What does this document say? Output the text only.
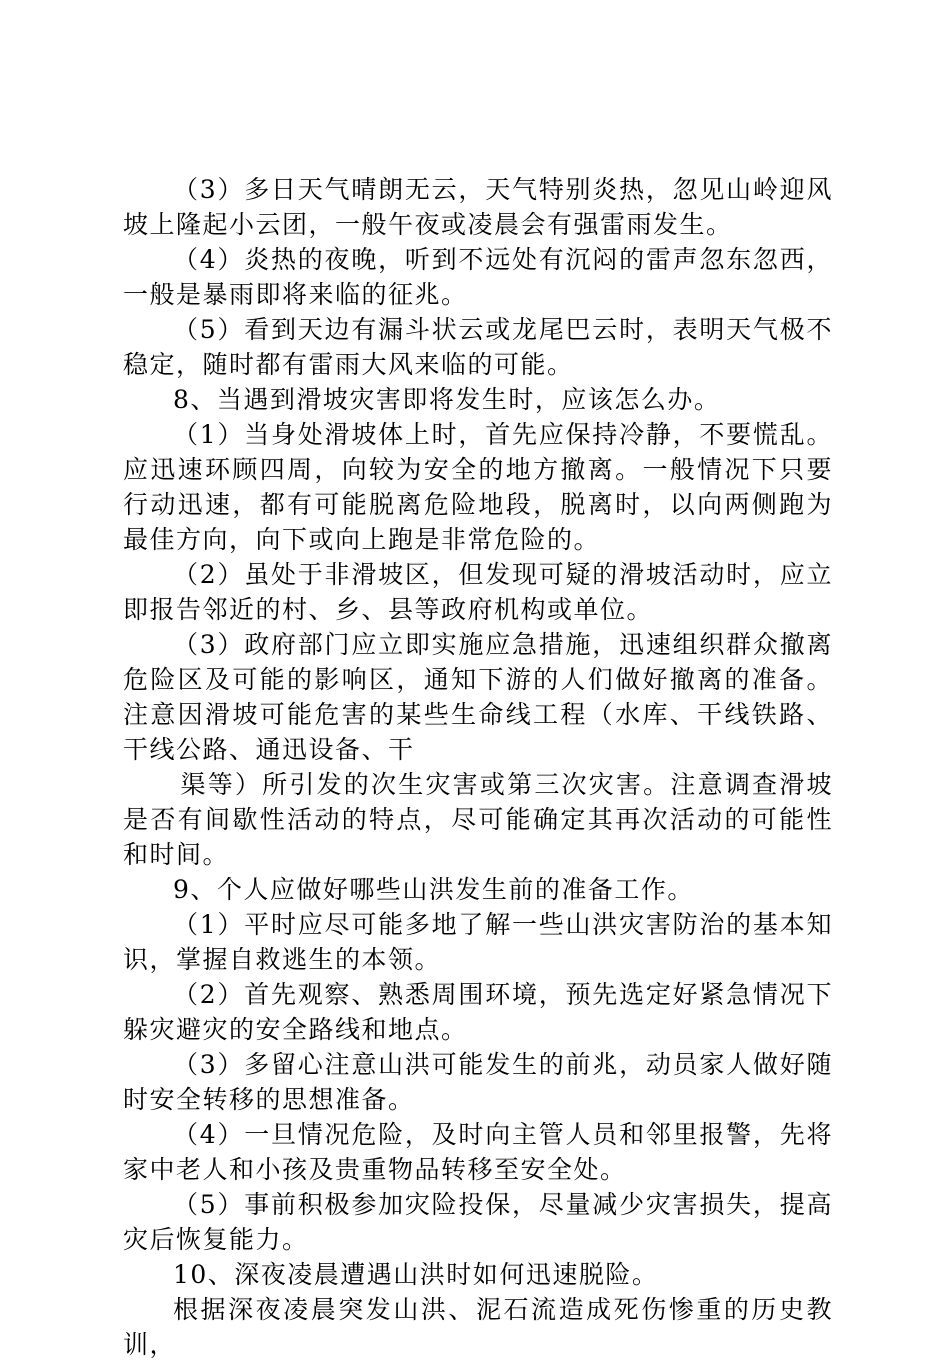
（3）多日天气晴朗无云，天气特别炎热，忽见山岭迎风坡上隆起小云团，一般午夜或凌晨会有强雷雨发生。

（4）炎热的夜晚，听到不远处有沉闷的雷声忽东忽西，一般是暴雨即将来临的征兆。

（5）看到天边有漏斗状云或龙尾巴云时，表明天气极不稳定，随时都有雷雨大风来临的可能。

8、当遇到滑坡灾害即将发生时，应该怎么办。

（1）当身处滑坡体上时，首先应保持冷静，不要慌乱。应迅速环顾四周，向较为安全的地方撤离。一般情况下只要行动迅速，都有可能脱离危险地段，脱离时，以向两侧跑为最佳方向，向下或向上跑是非常危险的。

（2）虽处于非滑坡区，但发现可疑的滑坡活动时，应立即报告邻近的村、乡、县等政府机构或单位。

（3）政府部门应立即实施应急措施，迅速组织群众撤离危险区及可能的影响区，通知下游的人们做好撤离的准备。注意因滑坡可能危害的某些生命线工程（水库、干线铁路、干线公路、通迅设备、干

渠等）所引发的次生灾害或第三次灾害。注意调查滑坡是否有间歇性活动的特点，尽可能确定其再次活动的可能性和时间。

9、个人应做好哪些山洪发生前的准备工作。

（1）平时应尽可能多地了解一些山洪灾害防治的基本知识，掌握自救逃生的本领。

（2）首先观察、熟悉周围环境，预先选定好紧急情况下躲灾避灾的安全路线和地点。

（3）多留心注意山洪可能发生的前兆，动员家人做好随时安全转移的思想准备。

（4）一旦情况危险，及时向主管人员和邻里报警，先将家中老人和小孩及贵重物品转移至安全处。

（5）事前积极参加灾险投保，尽量减少灾害损失，提高灾后恢复能力。

10、深夜凌晨遭遇山洪时如何迅速脱险。

根据深夜凌晨突发山洪、泥石流造成死伤惨重的历史教训，
